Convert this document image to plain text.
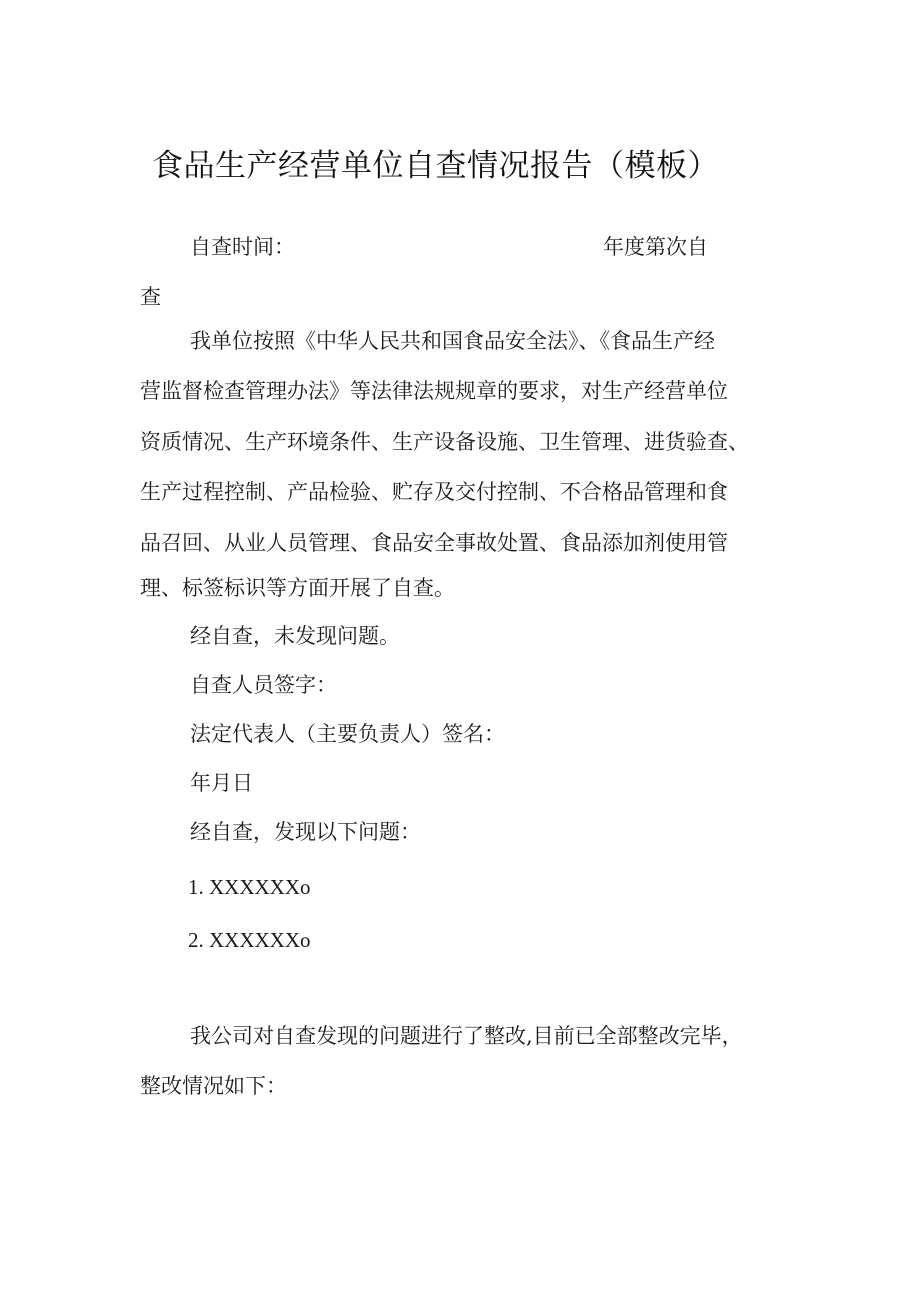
食品生产经营单位自查情况报告（模板）
自查时间：	年度第次自
查
我单位按照《中华人民共和国食品安全法》、《食品生产经
营监督检查管理办法》等法律法规规章的要求，对生产经营单位
资质情况、生产环境条件、生产设备设施、卫生管理、进货验查、
生产过程控制、产品检验、贮存及交付控制、不合格品管理和食
品召回、从业人员管理、食品安全事故处置、食品添加剂使用管
理、标签标识等方面开展了自查。
经自查，未发现问题。
自查人员签字：
法定代表人（主要负责人）签名：
年月日
经自查，发现以下问题：
1. XXXXXXo
2. XXXXXXo
我公司对自查发现的问题进行了整改,目前已全部整改完毕，
整改情况如下：
